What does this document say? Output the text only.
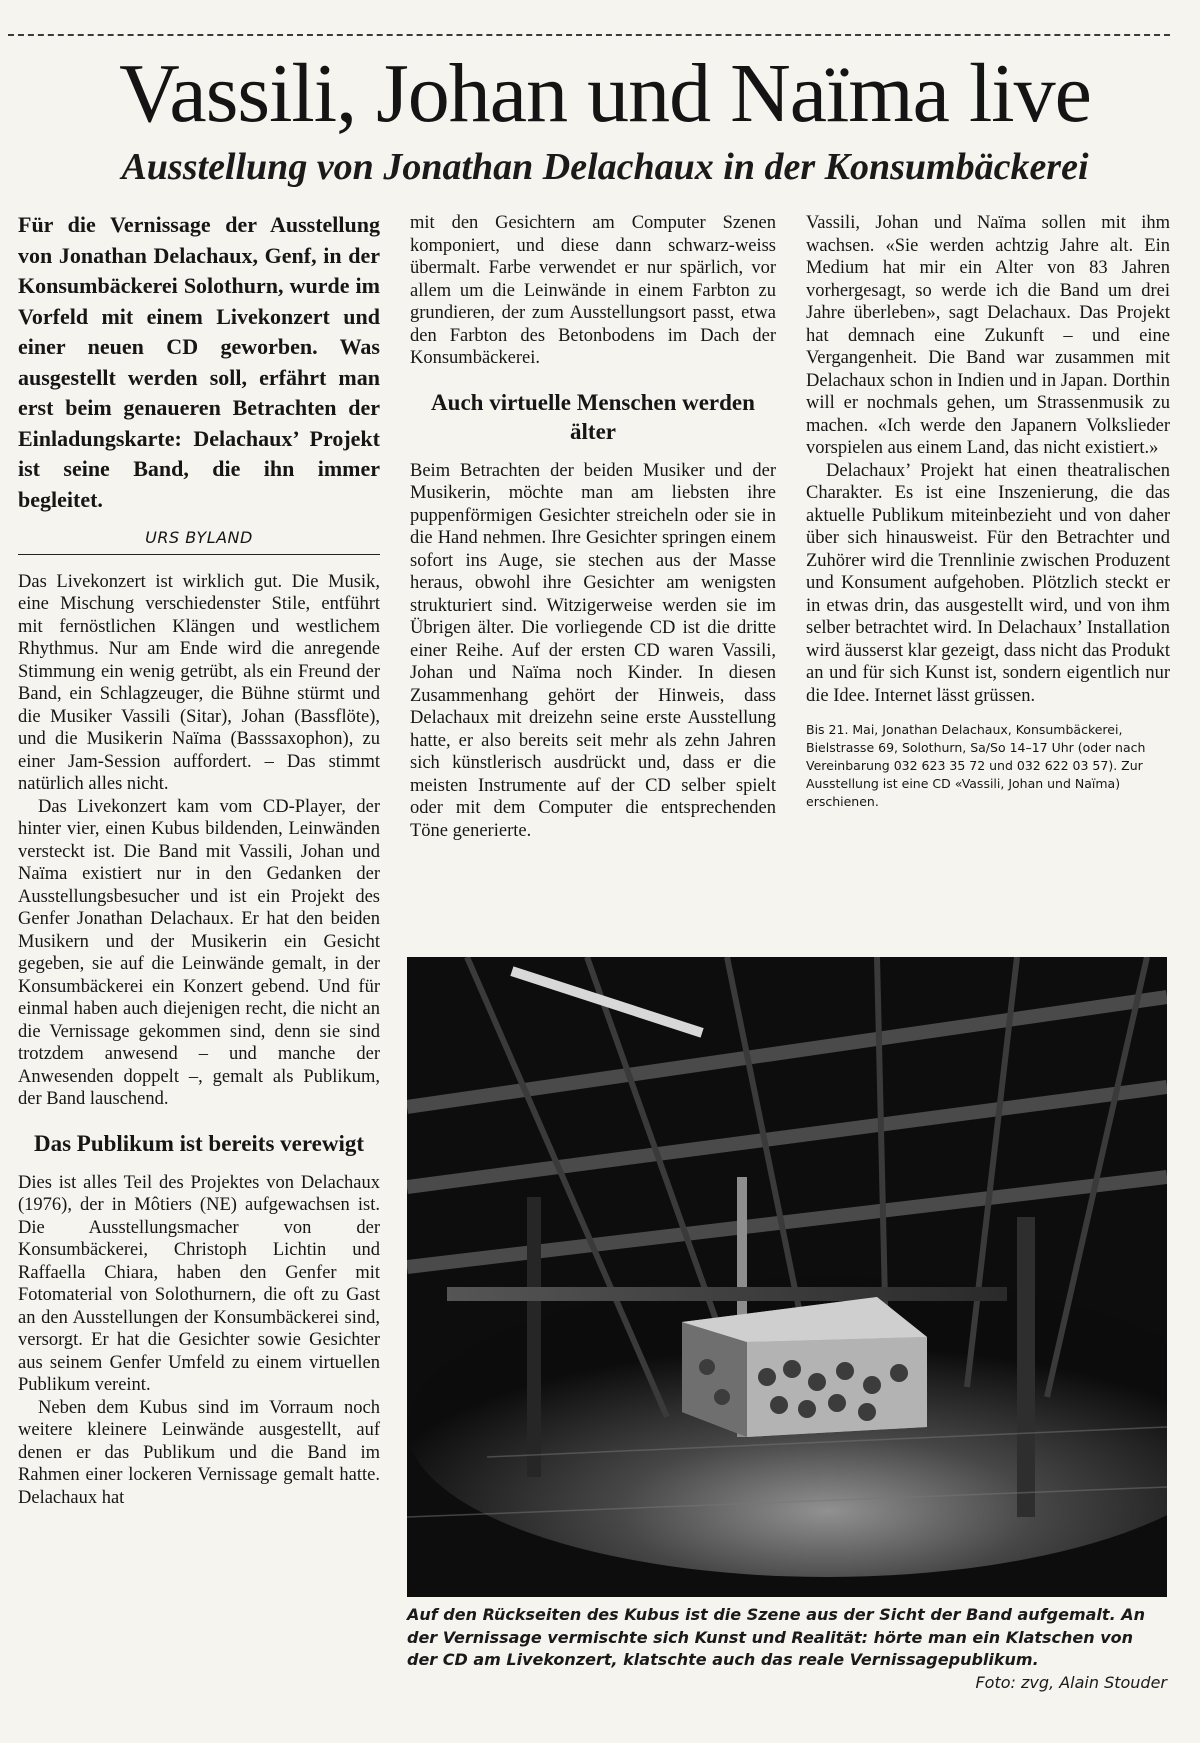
Vassili, Johan und Naïma live
Ausstellung von Jonathan Delachaux in der Konsumbäckerei
Für die Vernissage der Ausstellung von Jonathan Delachaux, Genf, in der Konsumbäckerei Solothurn, wurde im Vorfeld mit einem Livekonzert und einer neuen CD geworben. Was ausgestellt werden soll, erfährt man erst beim genaueren Betrachten der Einladungskarte: Delachaux’ Projekt ist seine Band, die ihn immer begleitet.
URS BYLAND

Das Livekonzert ist wirklich gut. Die Musik, eine Mischung verschiedenster Stile, entführt mit fernöstlichen Klängen und westlichem Rhythmus. Nur am Ende wird die anregende Stimmung ein wenig getrübt, als ein Freund der Band, ein Schlagzeuger, die Bühne stürmt und die Musiker Vassili (Sitar), Johan (Bassflöte), und die Musikerin Naïma (Basssaxophon), zu einer Jam-Session auffordert. – Das stimmt natürlich alles nicht.

Das Livekonzert kam vom CD-Player, der hinter vier, einen Kubus bildenden, Leinwänden versteckt ist. Die Band mit Vassili, Johan und Naïma existiert nur in den Gedanken der Ausstellungsbesucher und ist ein Projekt des Genfer Jonathan Delachaux. Er hat den beiden Musikern und der Musikerin ein Gesicht gegeben, sie auf die Leinwände gemalt, in der Konsumbäckerei ein Konzert gebend. Und für einmal haben auch diejenigen recht, die nicht an die Vernissage gekommen sind, denn sie sind trotzdem anwesend – und manche der Anwesenden doppelt –, gemalt als Publikum, der Band lauschend.

Das Publikum ist bereits verewigt

Dies ist alles Teil des Projektes von Delachaux (1976), der in Môtiers (NE) aufgewachsen ist. Die Ausstellungsmacher von der Konsumbäckerei, Christoph Lichtin und Raffaella Chiara, haben den Genfer mit Fotomaterial von Solothurnern, die oft zu Gast an den Ausstellungen der Konsumbäckerei sind, versorgt. Er hat die Gesichter sowie Gesichter aus seinem Genfer Umfeld zu einem virtuellen Publikum vereint.

Neben dem Kubus sind im Vorraum noch weitere kleinere Leinwände ausgestellt, auf denen er das Publikum und die Band im Rahmen einer lockeren Vernissage gemalt hatte. Delachaux hat

mit den Gesichtern am Computer Szenen komponiert, und diese dann schwarz-weiss übermalt. Farbe verwendet er nur spärlich, vor allem um die Leinwände in einem Farbton zu grundieren, der zum Ausstellungsort passt, etwa den Farbton des Betonbodens im Dach der Konsumbäckerei.

Auch virtuelle Menschen werden älter

Beim Betrachten der beiden Musiker und der Musikerin, möchte man am liebsten ihre puppenförmigen Gesichter streicheln oder sie in die Hand nehmen. Ihre Gesichter springen einem sofort ins Auge, sie stechen aus der Masse heraus, obwohl ihre Gesichter am wenigsten strukturiert sind. Witzigerweise werden sie im Übrigen älter. Die vorliegende CD ist die dritte einer Reihe. Auf der ersten CD waren Vassili, Johan und Naïma noch Kinder. In diesen Zusammenhang gehört der Hinweis, dass Delachaux mit dreizehn seine erste Ausstellung hatte, er also bereits seit mehr als zehn Jahren sich künstlerisch ausdrückt und, dass er die meisten Instrumente auf der CD selber spielt oder mit dem Computer die entsprechenden Töne generierte.

Vassili, Johan und Naïma sollen mit ihm wachsen. «Sie werden achtzig Jahre alt. Ein Medium hat mir ein Alter von 83 Jahren vorhergesagt, so werde ich die Band um drei Jahre überleben», sagt Delachaux. Das Projekt hat demnach eine Zukunft – und eine Vergangenheit. Die Band war zusammen mit Delachaux schon in Indien und in Japan. Dorthin will er nochmals gehen, um Strassenmusik zu machen. «Ich werde den Japanern Volkslieder vorspielen aus einem Land, das nicht existiert.»

Delachaux’ Projekt hat einen theatralischen Charakter. Es ist eine Inszenierung, die das aktuelle Publikum miteinbezieht und von daher über sich hinausweist. Für den Betrachter und Zuhörer wird die Trennlinie zwischen Produzent und Konsument aufgehoben. Plötzlich steckt er in etwas drin, das ausgestellt wird, und von ihm selber betrachtet wird. In Delachaux’ Installation wird äusserst klar gezeigt, dass nicht das Produkt an und für sich Kunst ist, sondern eigentlich nur die Idee. Internet lässt grüssen.

Bis 21. Mai, Jonathan Delachaux, Konsumbäckerei, Bielstrasse 69, Solothurn, Sa/So 14–17 Uhr (oder nach Vereinbarung 032 623 35 72 und 032 622 03 57). Zur Ausstellung ist eine CD «Vassili, Johan und Naïma) erschienen.
Auf den Rückseiten des Kubus ist die Szene aus der Sicht der Band aufgemalt. An der Vernissage vermischte sich Kunst und Realität: hörte man ein Klatschen von der CD am Livekonzert, klatschte auch das reale Vernissagepublikum.
Foto: zvg, Alain Stouder
